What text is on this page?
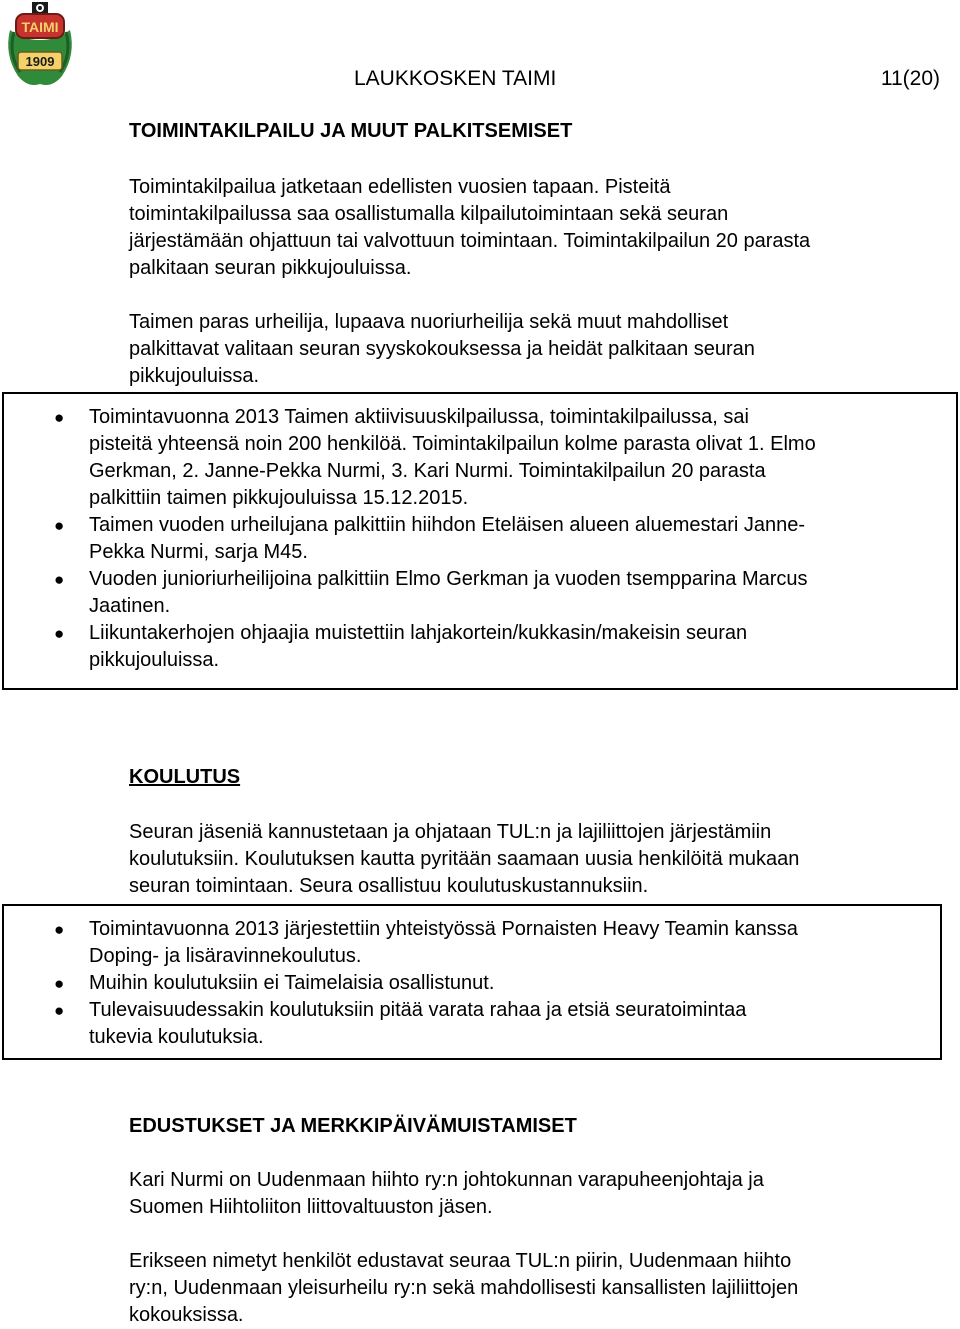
TAIMI
1909
LAUKKOSKEN TAIMI	11(20)
TOIMINTAKILPAILU JA MUUT PALKITSEMISET

Toimintakilpailua jatketaan edellisten vuosien tapaan. Pisteitä
toimintakilpailussa saa osallistumalla kilpailutoimintaan sekä seuran
järjestämään ohjattuun tai valvottuun toimintaan. Toimintakilpailun 20 parasta
palkitaan seuran pikkujouluissa.

Taimen paras urheilija, lupaava nuoriurheilija sekä muut mahdolliset
palkittavat valitaan seuran syyskokouksessa ja heidät palkitaan seuran
pikkujouluissa.

● Toimintavuonna 2013 Taimen aktiivisuuskilpailussa, toimintakilpailussa, sai
pisteitä yhteensä noin 200 henkilöä. Toimintakilpailun kolme parasta olivat 1. Elmo
Gerkman, 2. Janne-Pekka Nurmi, 3. Kari Nurmi. Toimintakilpailun 20 parasta
palkittiin taimen pikkujouluissa 15.12.2015.
● Taimen vuoden urheilujana palkittiin hiihdon Eteläisen alueen aluemestari Janne-
Pekka Nurmi, sarja M45.
● Vuoden junioriurheilijoina palkittiin Elmo Gerkman ja vuoden tsempparina Marcus
Jaatinen.
● Liikuntakerhojen ohjaajia muistettiin lahjakortein/kukkasin/makeisin seuran
pikkujouluissa.
KOULUTUS

Seuran jäseniä kannustetaan ja ohjataan TUL:n ja lajiliittojen järjestämiin
koulutuksiin. Koulutuksen kautta pyritään saamaan uusia henkilöitä mukaan
seuran toimintaan. Seura osallistuu koulutuskustannuksiin.

● Toimintavuonna 2013 järjestettiin yhteistyössä Pornaisten Heavy Teamin kanssa
Doping- ja lisäravinnekoulutus.
● Muihin koulutuksiin ei Taimelaisia osallistunut.
● Tulevaisuudessakin koulutuksiin pitää varata rahaa ja etsiä seuratoimintaa
tukevia koulutuksia.
EDUSTUKSET JA MERKKIPÄIVÄMUISTAMISET

Kari Nurmi on Uudenmaan hiihto ry:n johtokunnan varapuheenjohtaja ja
Suomen Hiihtoliiton liittovaltuuston jäsen.

Erikseen nimetyt henkilöt edustavat seuraa TUL:n piirin, Uudenmaan hiihto
ry:n, Uudenmaan yleisurheilu ry:n sekä mahdollisesti kansallisten lajiliittojen
kokouksissa.
